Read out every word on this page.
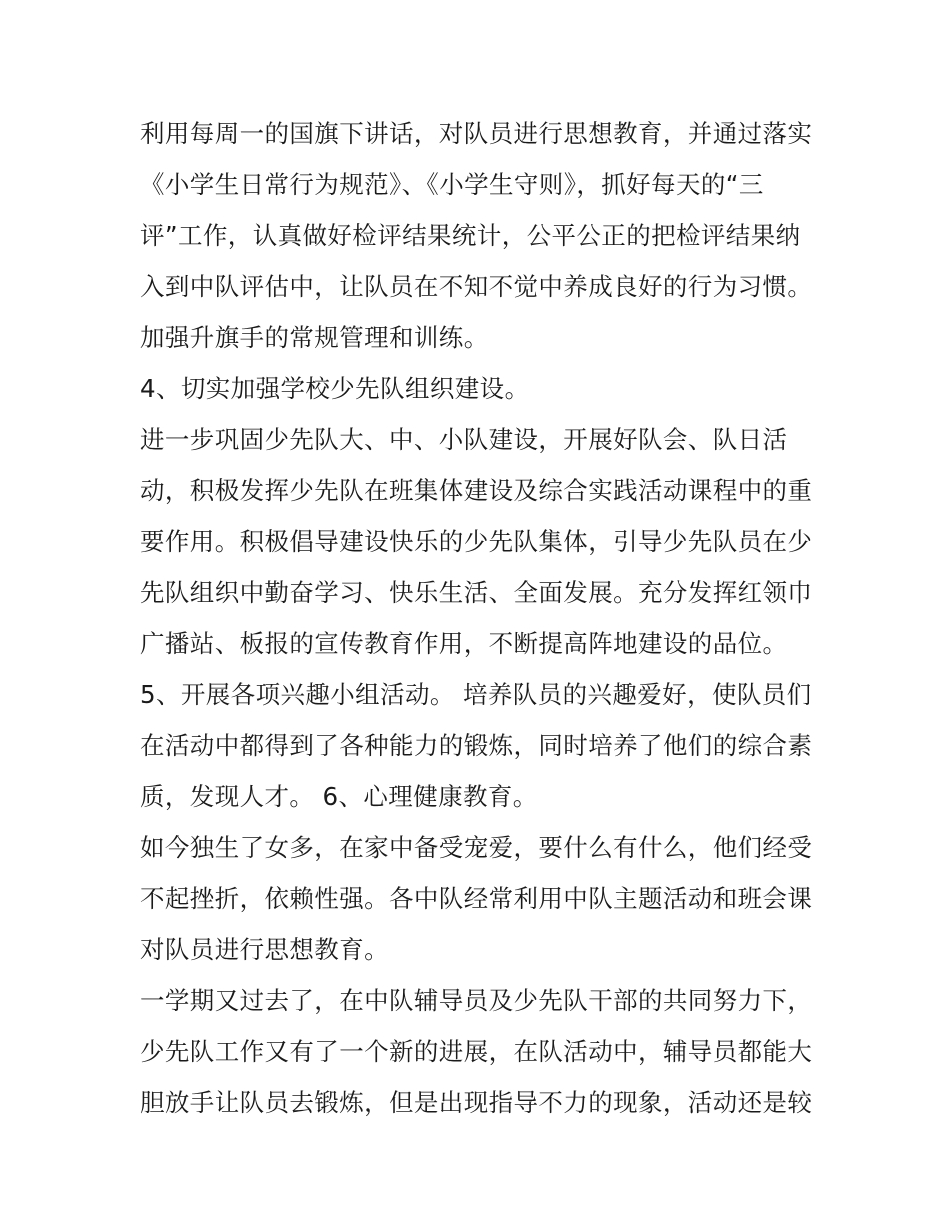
利用每周一的国旗下讲话，对队员进行思想教育，并通过落实
《小学生日常行为规范》、《小学生守则》，抓好每天的“三
评”工作，认真做好检评结果统计，公平公正的把检评结果纳
入到中队评估中，让队员在不知不觉中养成良好的行为习惯。
加强升旗手的常规管理和训练。
4、切实加强学校少先队组织建设。
进一步巩固少先队大、中、小队建设，开展好队会、队日活
动，积极发挥少先队在班集体建设及综合实践活动课程中的重
要作用。积极倡导建设快乐的少先队集体，引导少先队员在少
先队组织中勤奋学习、快乐生活、全面发展。充分发挥红领巾
广播站、板报的宣传教育作用，不断提高阵地建设的品位。
5、开展各项兴趣小组活动。 培养队员的兴趣爱好，使队员们
在活动中都得到了各种能力的锻炼，同时培养了他们的综合素
质，发现人才。 6、心理健康教育。
如今独生了女多，在家中备受宠爱，要什么有什么，他们经受
不起挫折，依赖性强。各中队经常利用中队主题活动和班会课
对队员进行思想教育。
一学期又过去了，在中队辅导员及少先队干部的共同努力下，
少先队工作又有了一个新的进展，在队活动中，辅导员都能大
胆放手让队员去锻炼，但是出现指导不力的现象，活动还是较
